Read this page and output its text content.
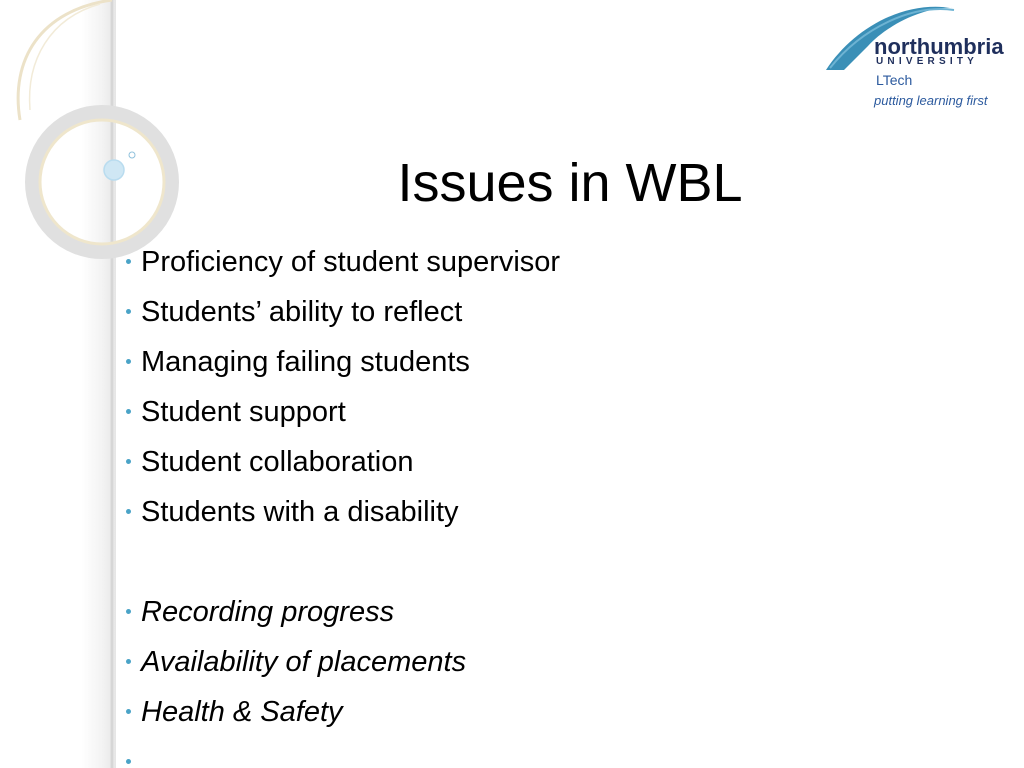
northumbria
UNIVERSITY
LTech
putting learning first
Issues in WBL
Proficiency of student supervisor
Students’ ability to reflect
Managing failing students
Student support
Student collaboration
Students with a disability
Recording progress
Availability of placements
Health & Safety
